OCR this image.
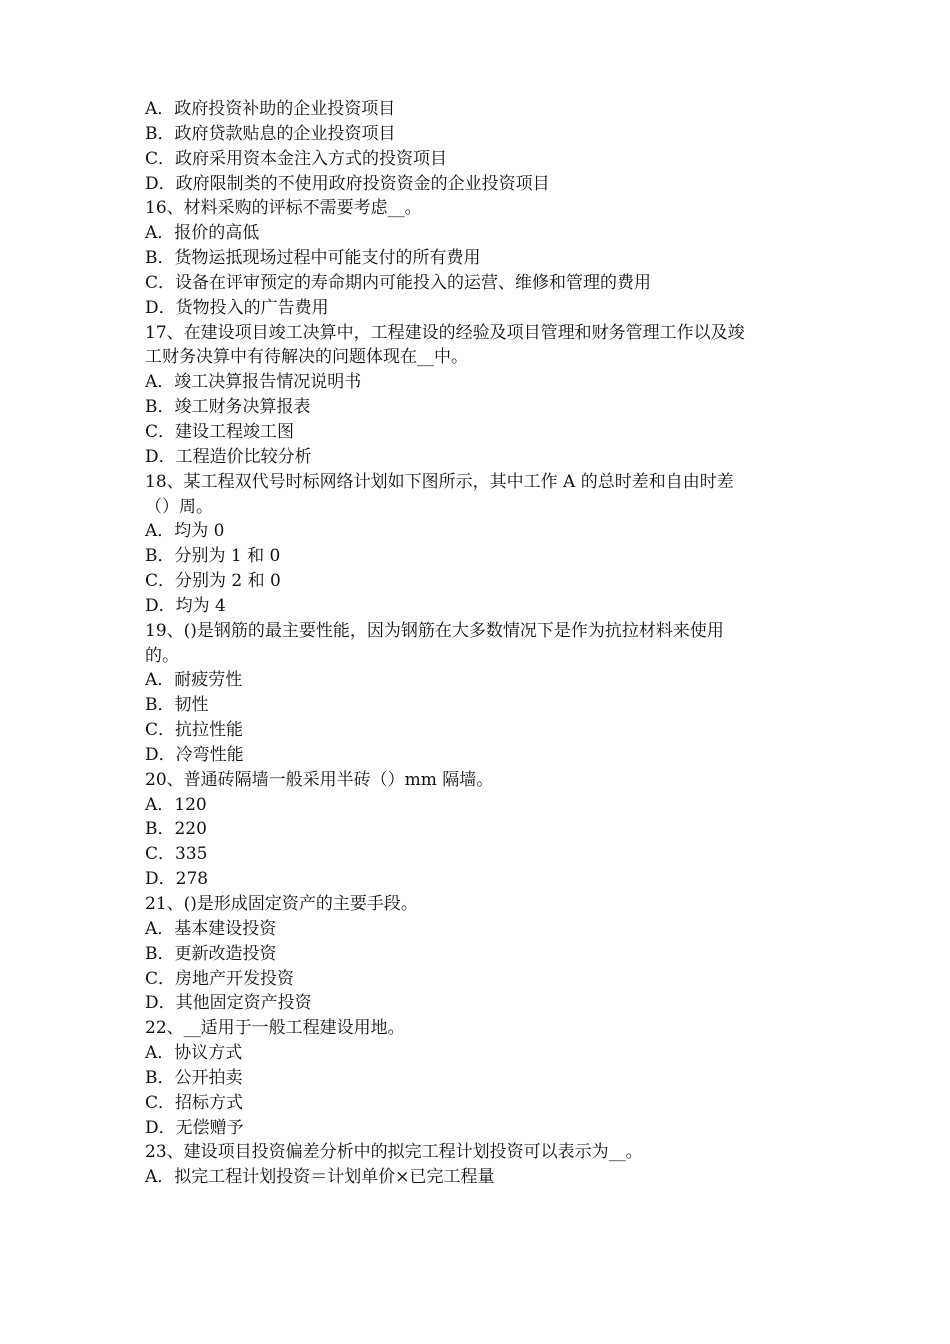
A．政府投资补助的企业投资项目
B．政府贷款贴息的企业投资项目
C．政府采用资本金注入方式的投资项目
D．政府限制类的不使用政府投资资金的企业投资项目
16、材料采购的评标不需要考虑__。
A．报价的高低
B．货物运抵现场过程中可能支付的所有费用
C．设备在评审预定的寿命期内可能投入的运营、维修和管理的费用
D．货物投入的广告费用
17、在建设项目竣工决算中，工程建设的经验及项目管理和财务管理工作以及竣
工财务决算中有待解决的问题体现在__中。
A．竣工决算报告情况说明书
B．竣工财务决算报表
C．建设工程竣工图
D．工程造价比较分析
18、某工程双代号时标网络计划如下图所示，其中工作 A 的总时差和自由时差
（）周。
A．均为 0
B．分别为 1 和 0
C．分别为 2 和 0
D．均为 4
19、()是钢筋的最主要性能，因为钢筋在大多数情况下是作为抗拉材料来使用
的。
A．耐疲劳性
B．韧性
C．抗拉性能
D．冷弯性能
20、普通砖隔墙一般采用半砖（）mm 隔墙。
A．120
B．220
C．335
D．278
21、()是形成固定资产的主要手段。
A．基本建设投资
B．更新改造投资
C．房地产开发投资
D．其他固定资产投资
22、__适用于一般工程建设用地。
A．协议方式
B．公开拍卖
C．招标方式
D．无偿赠予
23、建设项目投资偏差分析中的拟完工程计划投资可以表示为__。
A．拟完工程计划投资＝计划单价×已完工程量
